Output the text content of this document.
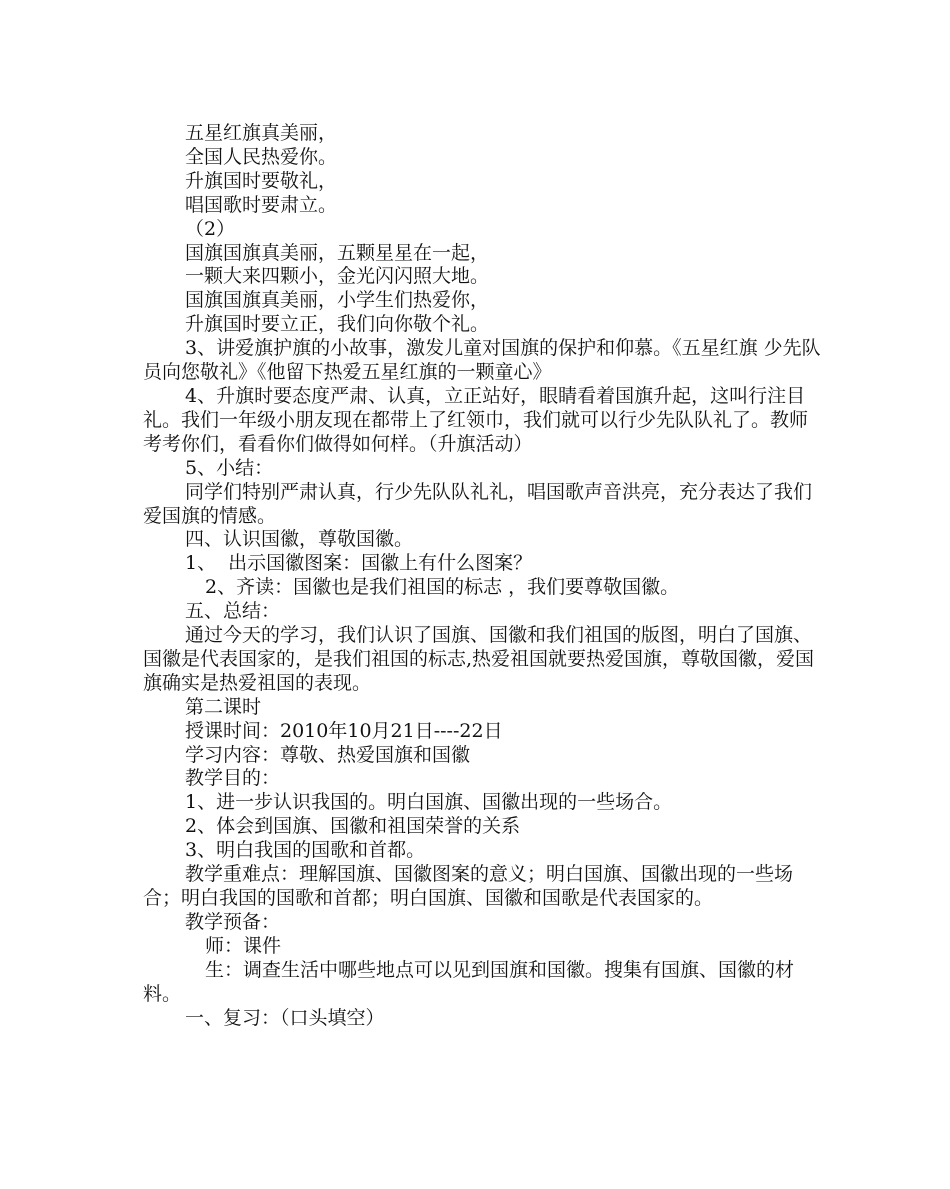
五星红旗真美丽，

全国人民热爱你。

升旗国时要敬礼，

唱国歌时要肃立。

（2）

国旗国旗真美丽，五颗星星在一起，

一颗大来四颗小，金光闪闪照大地。

国旗国旗真美丽，小学生们热爱你，

升旗国时要立正，我们向你敬个礼。

3、讲爱旗护旗的小故事，激发儿童对国旗的保护和仰慕。《五星红旗 少先队员向您敬礼》《他留下热爱五星红旗的一颗童心》

4、升旗时要态度严肃、认真，立正站好，眼睛看着国旗升起，这叫行注目礼。我们一年级小朋友现在都带上了红领巾，我们就可以行少先队队礼了。教师考考你们，看看你们做得如何样。（升旗活动）

5、小结：

同学们特别严肃认真，行少先队队礼礼，唱国歌声音洪亮，充分表达了我们爱国旗的情感。

四、认识国徽，尊敬国徽。

1、  出示国徽图案：国徽上有什么图案？

2、齐读：国徽也是我们祖国的标志 ，我们要尊敬国徽。

五、总结：

通过今天的学习，我们认识了国旗、国徽和我们祖国的版图，明白了国旗、国徽是代表国家的，是我们祖国的标志,热爱祖国就要热爱国旗，尊敬国徽，爱国旗确实是热爱祖国的表现。

第二课时

授课时间：2010年10月21日----22日

学习内容：尊敬、热爱国旗和国徽

教学目的：

1、进一步认识我国的。明白国旗、国徽出现的一些场合。

2、体会到国旗、国徽和祖国荣誉的关系

3、明白我国的国歌和首都。

教学重难点：理解国旗、国徽图案的意义；明白国旗、国徽出现的一些场合；明白我国的国歌和首都；明白国旗、国徽和国歌是代表国家的。

教学预备：

师：课件

生：调查生活中哪些地点可以见到国旗和国徽。搜集有国旗、国徽的材料。

一、复习：（口头填空）
